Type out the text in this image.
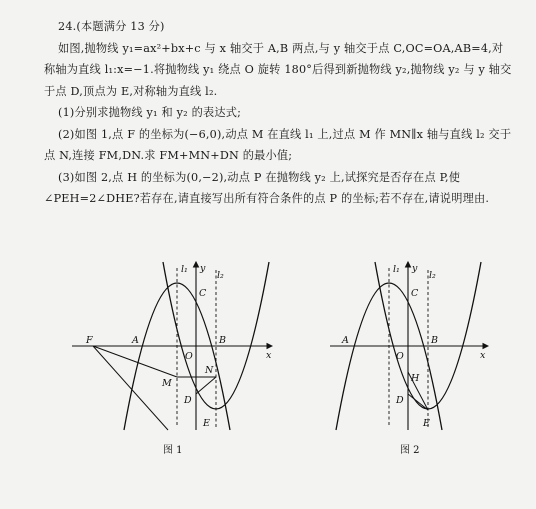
24.(本题满分 13 分)

如图,抛物线 y₁=ax²+bx+c 与 x 轴交于 A,B 两点,与 y 轴交于点 C,OC=OA,AB=4,对称轴为直线 l₁:x=−1.将抛物线 y₁ 绕点 O 旋转 180°后得到新抛物线 y₂,抛物线 y₂ 与 y 轴交于点 D,顶点为 E,对称轴为直线 l₂.

(1)分别求抛物线 y₁ 和 y₂ 的表达式;

(2)如图 1,点 F 的坐标为(−6,0),动点 M 在直线 l₁ 上,过点 M 作 MN∥x 轴与直线 l₂ 交于点 N,连接 FM,DN.求 FM+MN+DN 的最小值;

(3)如图 2,点 H 的坐标为(0,−2),动点 P 在抛物线 y₂ 上,试探究是否存在点 P,使∠PEH=2∠DHE?若存在,请直接写出所有符合条件的点 P 的坐标;若不存在,请说明理由.

F	A
O
B
x
y
l₁
l₂
C
M
N
D
E
图 1
A
O
B
x
y
l₁
l₂
C
H
D
E
图 2
